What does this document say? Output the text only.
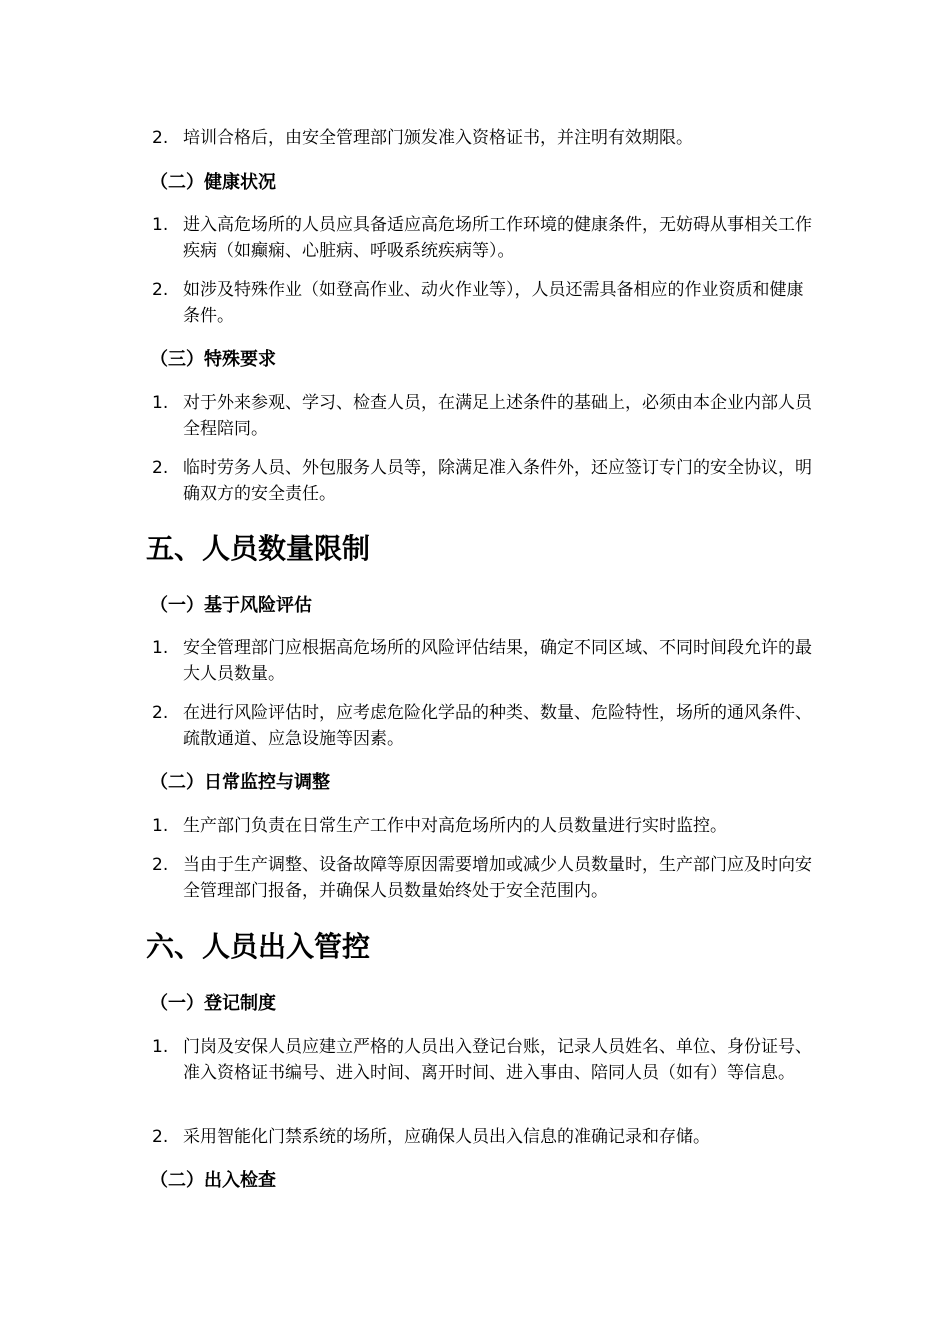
2. 培训合格后，由安全管理部门颁发准入资格证书，并注明有效期限。
（二）健康状况
1. 进入高危场所的人员应具备适应高危场所工作环境的健康条件，无妨碍从事相关工作疾病（如癫痫、心脏病、呼吸系统疾病等）。
2. 如涉及特殊作业（如登高作业、动火作业等），人员还需具备相应的作业资质和健康条件。
（三）特殊要求
1. 对于外来参观、学习、检查人员，在满足上述条件的基础上，必须由本企业内部人员全程陪同。
2. 临时劳务人员、外包服务人员等，除满足准入条件外，还应签订专门的安全协议，明确双方的安全责任。
五、人员数量限制
（一）基于风险评估
1. 安全管理部门应根据高危场所的风险评估结果，确定不同区域、不同时间段允许的最大人员数量。
2. 在进行风险评估时，应考虑危险化学品的种类、数量、危险特性，场所的通风条件、疏散通道、应急设施等因素。
（二）日常监控与调整
1. 生产部门负责在日常生产工作中对高危场所内的人员数量进行实时监控。
2. 当由于生产调整、设备故障等原因需要增加或减少人员数量时，生产部门应及时向安全管理部门报备，并确保人员数量始终处于安全范围内。
六、人员出入管控
（一）登记制度
1. 门岗及安保人员应建立严格的人员出入登记台账，记录人员姓名、单位、身份证号、准入资格证书编号、进入时间、离开时间、进入事由、陪同人员（如有）等信息。
2. 采用智能化门禁系统的场所，应确保人员出入信息的准确记录和存储。
（二）出入检查
